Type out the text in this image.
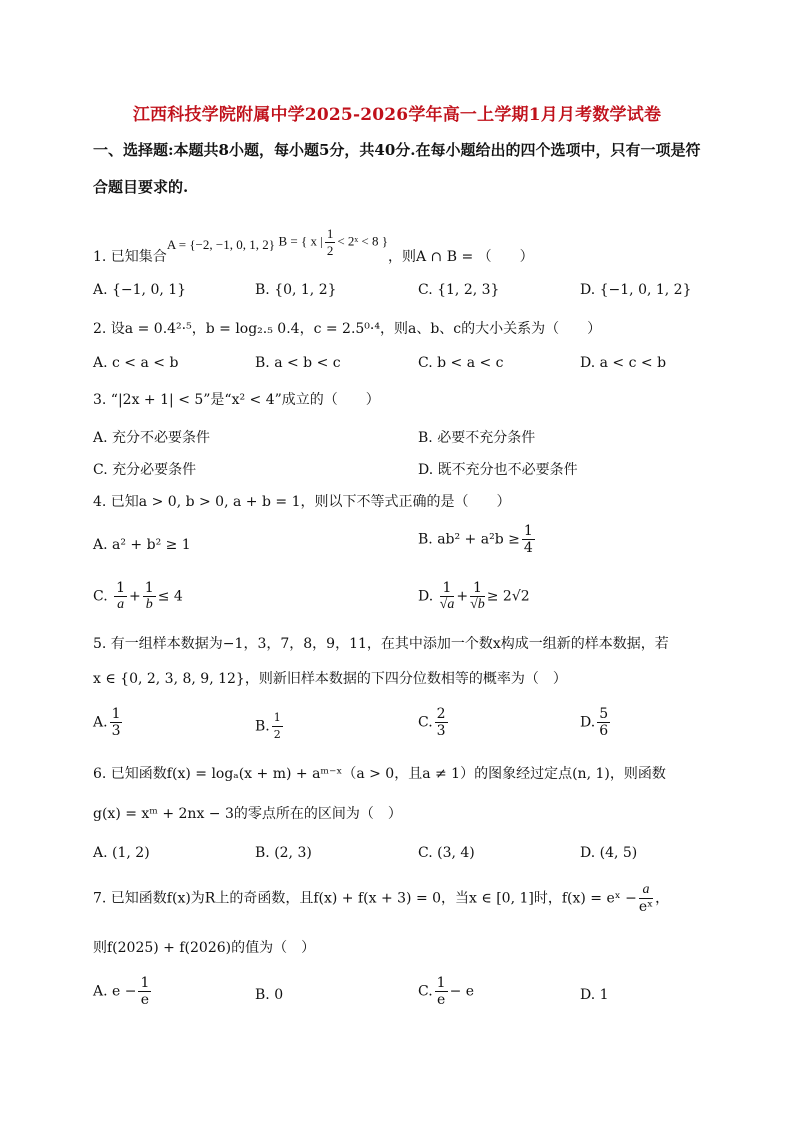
江西科技学院附属中学2025-2026学年高一上学期1月月考数学试卷
一、选择题:本题共8小题，每小题5分，共40分.在每小题给出的四个选项中，只有一项是符合题目要求的.
1. 已知集合A = {−2, −1, 0, 1, 2} B = { x | $\frac{1}{2}$ < 2ˣ < 8 }，则A ∩ B = （　　）
A. {−1, 0, 1}	B. {0, 1, 2}	C. {1, 2, 3}	D. {−1, 0, 1, 2}
2. 设a = 0.4²·⁵，b = log₂.₅ 0.4，c = 2.5⁰·⁴，则a、b、c的大小关系为（　　）
A. c < a < b	B. a < b < c	C. b < a < c	D. a < c < b
3. “|2x + 1| < 5”是“x² < 4”成立的（　　）
A. 充分不必要条件	B. 必要不充分条件
C. 充分必要条件	D. 既不充分也不必要条件
4. 已知a > 0, b > 0, a + b = 1，则以下不等式正确的是（　　）
A. a² + b² ≥ 1	B. $ab^2 + a^2b \ge \frac{1}{4}$
C. $\frac{1}{a} + \frac{1}{b} \le 4$	D. $\frac{1}{√a} + \frac{1}{√b} \ge 2√2$
5. 有一组样本数据为−1，3，7，8，9，11，在其中添加一个数x构成一组新的样本数据，若
x ∈ {0, 2, 3, 8, 9, 12}，则新旧样本数据的下四分位数相等的概率为（　）
A. $\frac{1}{3}$	B. $\frac{1}{2}$	C. $\frac{2}{3}$	D. $\frac{5}{6}$
6. 已知函数f(x) = logₐ(x + m) + aᵐ⁻ˣ（a > 0，且a ≠ 1）的图象经过定点(n, 1)，则函数
g(x) = xᵐ + 2nx − 3的零点所在的区间为（　）
A. (1, 2)	B. (2, 3)	C. (3, 4)	D. (4, 5)
7. 已知函数f(x)为R上的奇函数，且f(x) + f(x + 3) = 0，当x ∈ [0, 1]时，f(x) = eˣ − $\frac{a}{\text{eˣ}}$ ，
则f(2025) + f(2026)的值为（　）
A. $e - \frac{1}{e}$	B. 0	C. $\frac{1}{e} - e$	D. 1
